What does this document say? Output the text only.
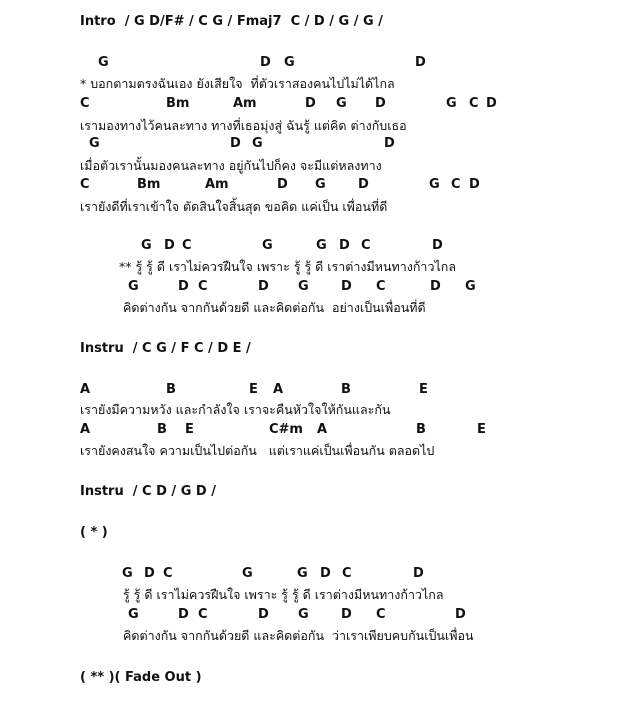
Intro  / G D/F# / C G / Fmaj7  C / D / G / G /
G	D G	D
* บอกตามตรงฉันเอง ยังเสียใจ  ที่ตัวเราสองคนไปไม่ได้ไกล
C	Bm	Am	D G D	G C D
เรามองทางไว้คนละทาง ทางที่เธอมุ่งสู่ ฉันรู้ แต่คิด ต่างกับเธอ
G	D G	D
เมื่อตัวเรานั้นมองคนละทาง อยู่กันไปก็คง จะมีแต่หลงทาง
C	Bm	Am	D G D	G C D
เรายังดีที่เราเข้าใจ ตัดสินใจสิ้นสุด ขอคิด แค่เป็น เพื่อนที่ดี
G D C	G	G D C	D
** รู้ รู้ ดี เราไม่ควรฝืนใจ เพราะ รู้ รู้ ดี เราต่างมีหนทางก้าวไกล
G	D C	D G D C	D G
คิดต่างกัน จากกันด้วยดี และคิดต่อกัน  อย่างเป็นเพื่อนที่ดี
Instru  / C G / F C / D E /
A	B	E A	B	E
เรายังมีความหวัง และกำลังใจ เราจะคืนหัวใจให้กันและกัน
A	B E	C#m A	B	E
เรายังคงสนใจ ความเป็นไปต่อกัน   แต่เราแค่เป็นเพื่อนกัน ตลอดไป
Instru  / C D / G D /
( * )
G D C	G	G D C	D
รู้ รู้ ดี เราไม่ควรฝืนใจ เพราะ รู้ รู้ ดี เราต่างมีหนทางก้าวไกล
G	D C	D G D C	D
คิดต่างกัน จากกันด้วยดี และคิดต่อกัน  ว่าเราเพียบคบกันเป็นเพื่อน
( ** )( Fade Out )
